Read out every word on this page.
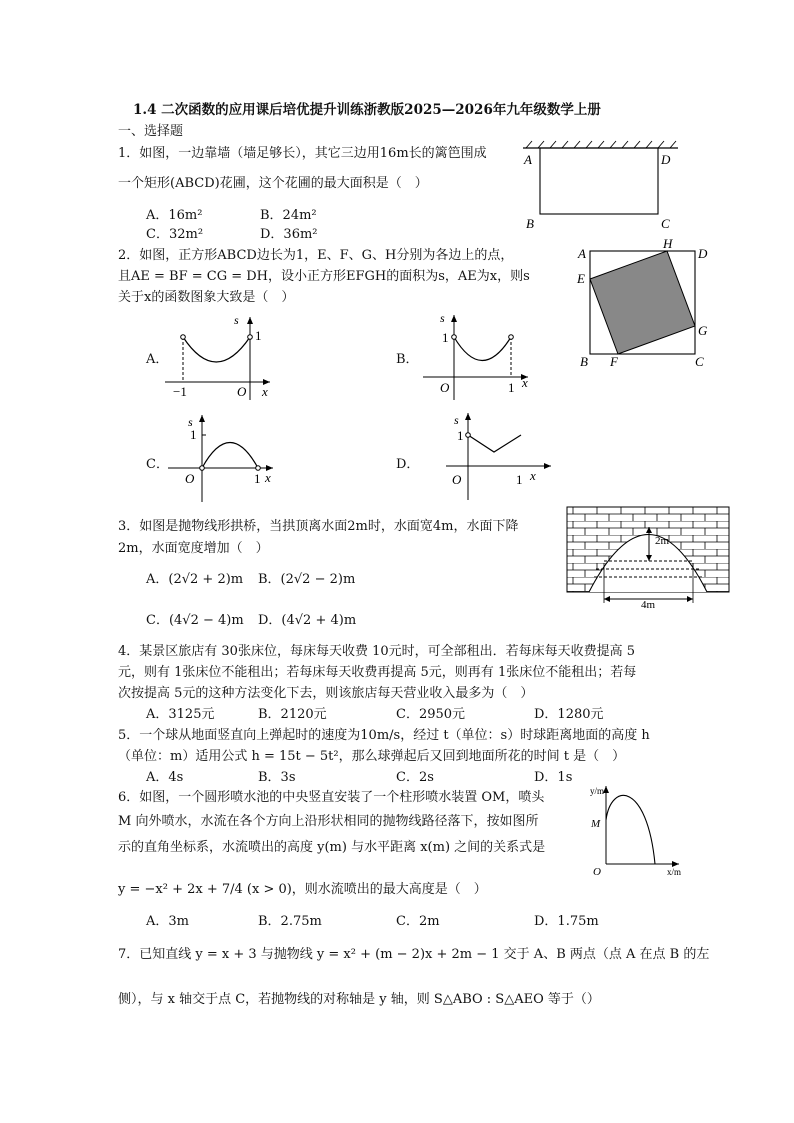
1.4 二次函数的应用课后培优提升训练浙教版2025—2026年九年级数学上册
一、选择题
1．如图，一边靠墙（墙足够长），其它三边用16m长的篱笆围成
一个矩形(ABCD)花圃，这个花圃的最大面积是（　）
A．16m²	B．24m²
C．32m²	D．36m²
A	D
B	C
2．如图，正方形ABCD边长为1，E、F、G、H分别为各边上的点，
且AE = BF = CG = DH，设小正方形EFGH的面积为s，AE为x，则s
关于x的函数图象大致是（　）
A
H
D
E
G
B F	C
A．
s
1
−1	O x
B．
s
1
O	1 x
C．
s
1
O	1 x
D．
s
1
O	1 x
3．如图是抛物线形拱桥，当拱顶离水面2m时，水面宽4m，水面下降
2m，水面宽度增加（　）
A．(2√2 + 2)m B．(2√2 − 2)m
C．(4√2 − 4)m D．(4√2 + 4)m
2m
4m
4．某景区旅店有 30张床位，每床每天收费 10元时，可全部租出．若每床每天收费提高 5
元，则有 1张床位不能租出；若每床每天收费再提高 5元，则再有 1张床位不能租出；若每
次按提高 5元的这种方法变化下去，则该旅店每天营业收入最多为（　）
A．3125元	B．2120元	C．2950元	D．1280元
5．一个球从地面竖直向上弹起时的速度为10m/s，经过 t（单位：s）时球距离地面的高度 h
（单位：m）适用公式 h = 15t − 5t²，那么球弹起后又回到地面所花的时间 t 是（　）
A．4s	B．3s	C．2s	D．1s
6．如图，一个圆形喷水池的中央竖直安装了一个柱形喷水装置 OM，喷头
M 向外喷水，水流在各个方向上沿形状相同的抛物线路径落下，按如图所
示的直角坐标系，水流喷出的高度 y(m) 与水平距离 x(m) 之间的关系式是
y = −x² + 2x + 7/4 (x > 0)，则水流喷出的最大高度是（　）
A．3m	B．2.75m	C．2m	D．1.75m
y/m
M
O	x/m
7．已知直线 y = x + 3 与抛物线 y = x² + (m − 2)x + 2m − 1 交于 A、B 两点（点 A 在点 B 的左
侧），与 x 轴交于点 C，若抛物线的对称轴是 y 轴，则 S△ABO : S△AEO 等于（）
